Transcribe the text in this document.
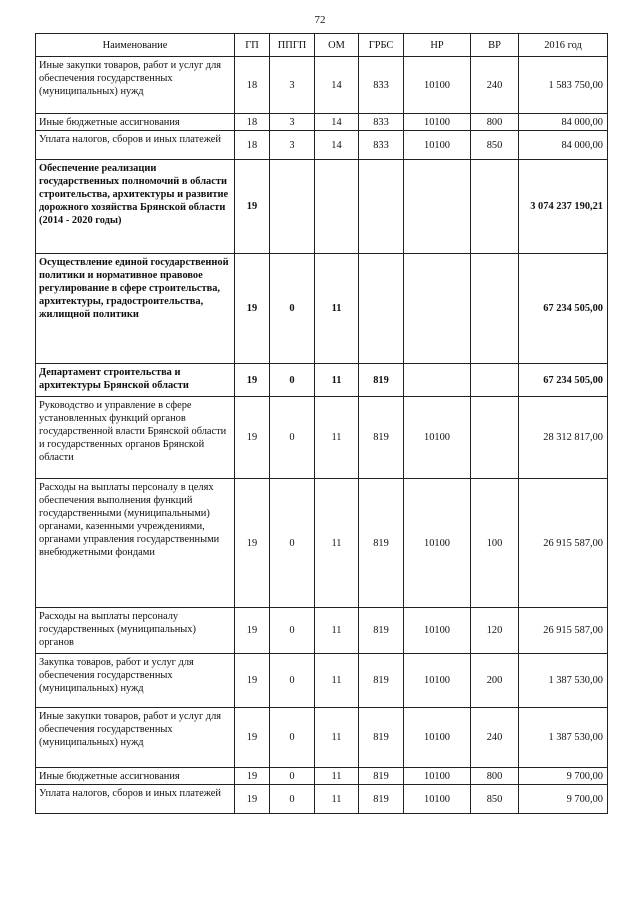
72
Наименование	ГП	ППГП	ОМ	ГРБС	НР	ВР	2016 год
Иные закупки товаров, работ и услуг для обеспечения государственных (муниципальных) нужд	18	3	14	833	10100	240	1 583 750,00
Иные бюджетные ассигнования	18	3	14	833	10100	800	84 000,00
Уплата налогов, сборов и иных платежей	18	3	14	833	10100	850	84 000,00
Обеспечение реализации государственных полномочий в области строительства, архитектуры и развитие дорожного хозяйства Брянской области (2014 - 2020 годы)	19						3 074 237 190,21
Осуществление единой государственной политики и нормативное правовое регулирование в сфере строительства, архитектуры, градостроительства, жилищной политики	19	0	11				67 234 505,00
Департамент строительства и архитектуры Брянской области	19	0	11	819			67 234 505,00
Руководство и управление в сфере установленных функций органов государственной власти Брянской области и государственных органов Брянской области	19	0	11	819	10100		28 312 817,00
Расходы на выплаты персоналу в целях обеспечения выполнения функций государственными (муниципальными) органами, казенными учреждениями, органами управления государственными внебюджетными фондами	19	0	11	819	10100	100	26 915 587,00
Расходы на выплаты персоналу государственных (муниципальных) органов	19	0	11	819	10100	120	26 915 587,00
Закупка товаров, работ и услуг для обеспечения государственных (муниципальных) нужд	19	0	11	819	10100	200	1 387 530,00
Иные закупки товаров, работ и услуг для обеспечения государственных (муниципальных) нужд	19	0	11	819	10100	240	1 387 530,00
Иные бюджетные ассигнования	19	0	11	819	10100	800	9 700,00
Уплата налогов, сборов и иных платежей	19	0	11	819	10100	850	9 700,00
